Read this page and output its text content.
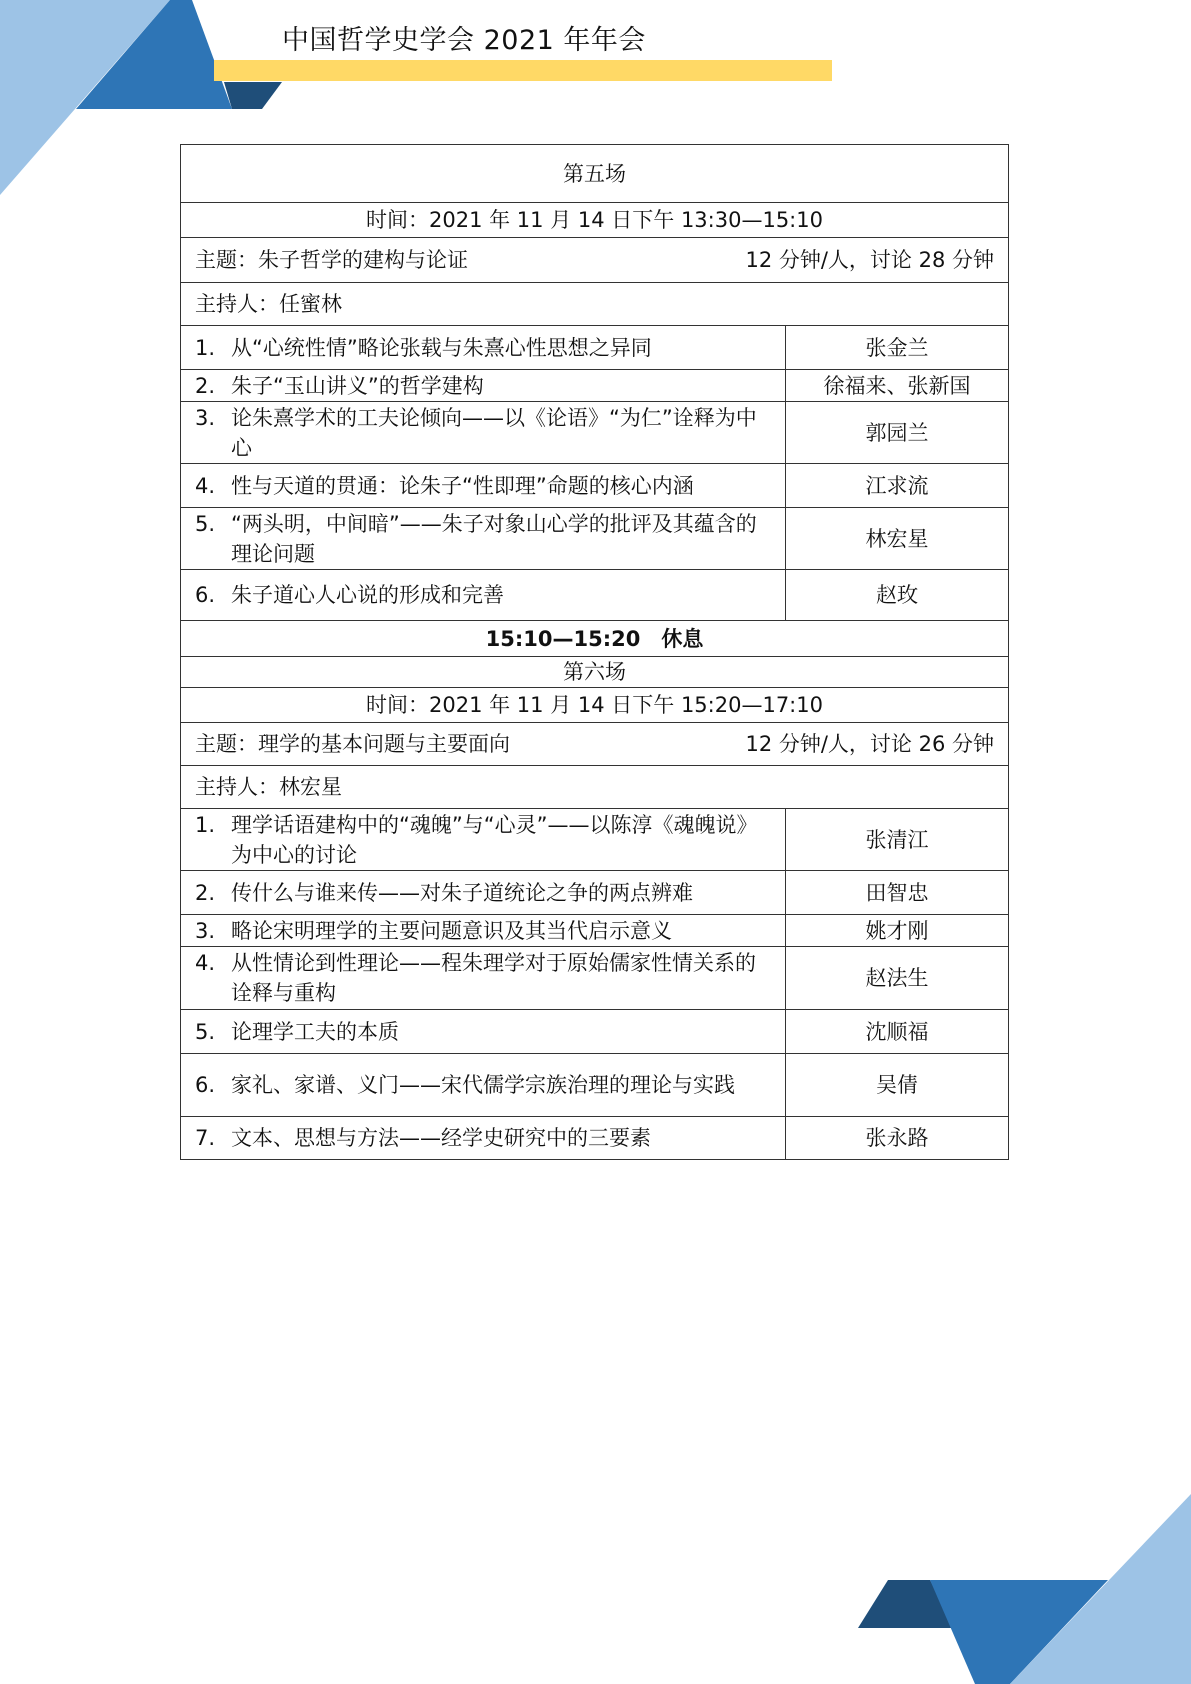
中国哲学史学会 2021 年年会
第五场	
时间：2021 年 11 月 14 日下午 13:30—15:10	

主题：朱子哲学的建构与论证 12 分钟/人，讨论 28 分钟	

主持人：任蜜林	

1. 从“心统性情”略论张载与朱熹心性思想之异同	张金兰

2. 朱子“玉山讲义”的哲学建构	徐福来、张新国

3. 论朱熹学术的工夫论倾向——以《论语》“为仁”诠释为中心	郭园兰

4. 性与天道的贯通：论朱子“性即理”命题的核心内涵	江求流

5. “两头明，中间暗”——朱子对象山心学的批评及其蕴含的理论问题	林宏星

6. 朱子道心人心说的形成和完善	赵玫
15:10—15:20　休息	
第六场	
时间：2021 年 11 月 14 日下午 15:20—17:10	

主题：理学的基本问题与主要面向 12 分钟/人，讨论 26 分钟	

主持人：林宏星	

1. 理学话语建构中的“魂魄”与“心灵”——以陈淳《魂魄说》为中心的讨论	张清江

2. 传什么与谁来传——对朱子道统论之争的两点辨难	田智忠

3. 略论宋明理学的主要问题意识及其当代启示意义	姚才刚

4. 从性情论到性理论——程朱理学对于原始儒家性情关系的诠释与重构	赵法生

5. 论理学工夫的本质	沈顺福

6. 家礼、家谱、义门——宋代儒学宗族治理的理论与实践	吴倩

7. 文本、思想与方法——经学史研究中的三要素	张永路
